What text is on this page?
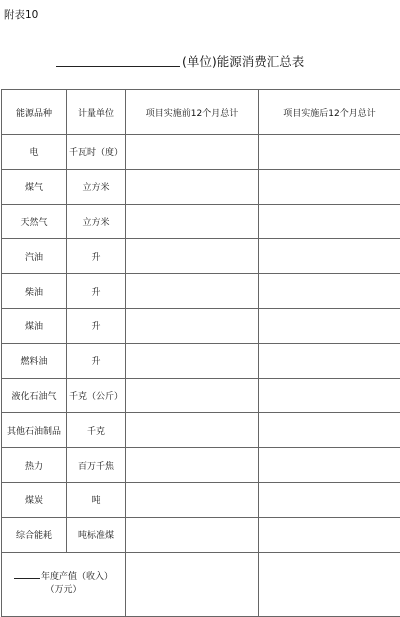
附表10
(单位)能源消费汇总表
能源品种	计量单位	项目实施前12个月总计	项目实施后12个月总计
电	千瓦时（度）		
煤气	立方米		
天然气	立方米		
汽油	升		
柴油	升		
煤油	升		
燃料油	升		
液化石油气	千克（公斤）		
其他石油制品	千克		
热力	百万千焦		
煤炭	吨		
综合能耗	吨标准煤		

年度产值（收入）
（万元）			
